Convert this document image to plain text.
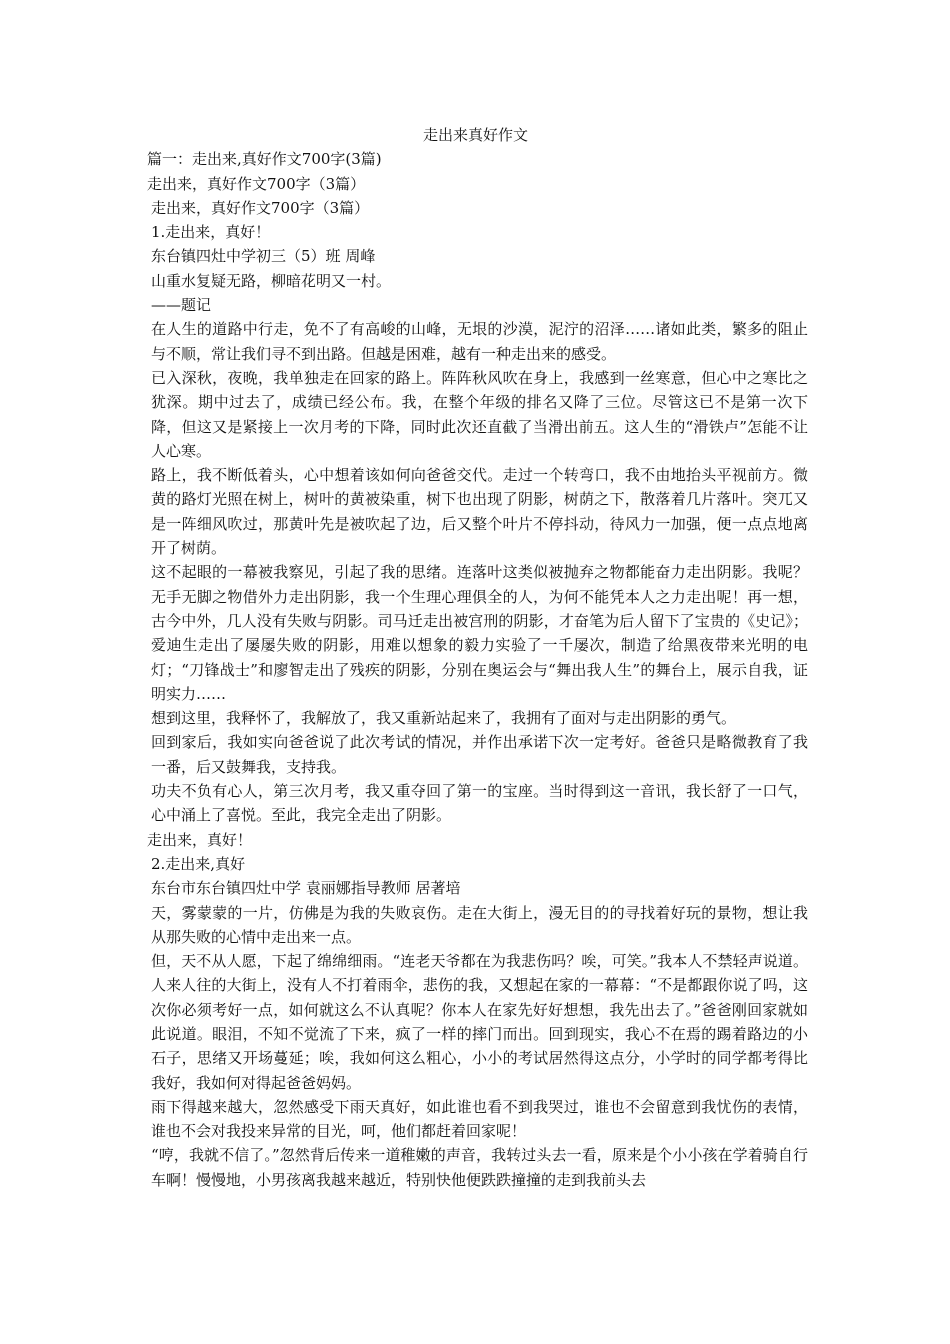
走出来真好作文
篇一：走出来,真好作文700字(3篇)
走出来，真好作文700字（3篇）
走出来，真好作文700字（3篇）
1.走出来，真好！
东台镇四灶中学初三（5）班 周峰
山重水复疑无路，柳暗花明又一村。
——题记
在人生的道路中行走，免不了有高峻的山峰，无垠的沙漠，泥泞的沼泽……诸如此类，繁多的阻止与不顺，常让我们寻不到出路。但越是困难，越有一种走出来的感受。
已入深秋，夜晚，我单独走在回家的路上。阵阵秋风吹在身上，我感到一丝寒意，但心中之寒比之犹深。期中过去了，成绩已经公布。我，在整个年级的排名又降了三位。尽管这已不是第一次下降，但这又是紧接上一次月考的下降，同时此次还直截了当滑出前五。这人生的“滑铁卢”怎能不让人心寒。
路上，我不断低着头，心中想着该如何向爸爸交代。走过一个转弯口，我不由地抬头平视前方。微黄的路灯光照在树上，树叶的黄被染重，树下也出现了阴影，树荫之下，散落着几片落叶。突兀又是一阵细风吹过，那黄叶先是被吹起了边，后又整个叶片不停抖动，待风力一加强，便一点点地离开了树荫。
这不起眼的一幕被我察见，引起了我的思绪。连落叶这类似被抛弃之物都能奋力走出阴影。我呢？无手无脚之物借外力走出阴影，我一个生理心理俱全的人，为何不能凭本人之力走出呢！再一想，古今中外，几人没有失败与阴影。司马迁走出被宫刑的阴影，才奋笔为后人留下了宝贵的《史记》；爱迪生走出了屡屡失败的阴影，用难以想象的毅力实验了一千屡次，制造了给黑夜带来光明的电灯；“刀锋战士”和廖智走出了残疾的阴影，分别在奥运会与“舞出我人生”的舞台上，展示自我，证明实力……
想到这里，我释怀了，我解放了，我又重新站起来了，我拥有了面对与走出阴影的勇气。
回到家后，我如实向爸爸说了此次考试的情况，并作出承诺下次一定考好。爸爸只是略微教育了我一番，后又鼓舞我，支持我。
功夫不负有心人，第三次月考，我又重夺回了第一的宝座。当时得到这一音讯，我长舒了一口气，心中涌上了喜悦。至此，我完全走出了阴影。
走出来，真好！
2.走出来,真好
东台市东台镇四灶中学 袁丽娜指导教师 居著培
天，雾蒙蒙的一片，仿佛是为我的失败哀伤。走在大街上，漫无目的的寻找着好玩的景物，想让我从那失败的心情中走出来一点。
但，天不从人愿，下起了绵绵细雨。“连老天爷都在为我悲伤吗？唉，可笑。”我本人不禁轻声说道。人来人往的大街上，没有人不打着雨伞，悲伤的我，又想起在家的一幕幕：“不是都跟你说了吗，这次你必须考好一点，如何就这么不认真呢？你本人在家先好好想想，我先出去了。”爸爸刚回家就如此说道。眼泪，不知不觉流了下来，疯了一样的摔门而出。回到现实，我心不在焉的踢着路边的小石子，思绪又开场蔓延；唉，我如何这么粗心，小小的考试居然得这点分，小学时的同学都考得比我好，我如何对得起爸爸妈妈。
雨下得越来越大，忽然感受下雨天真好，如此谁也看不到我哭过，谁也不会留意到我忧伤的表情，谁也不会对我投来异常的目光，呵，他们都赶着回家呢！
“哼，我就不信了。”忽然背后传来一道稚嫩的声音，我转过头去一看，原来是个小小孩在学着骑自行车啊！慢慢地，小男孩离我越来越近，特别快他便跌跌撞撞的走到我前头去
